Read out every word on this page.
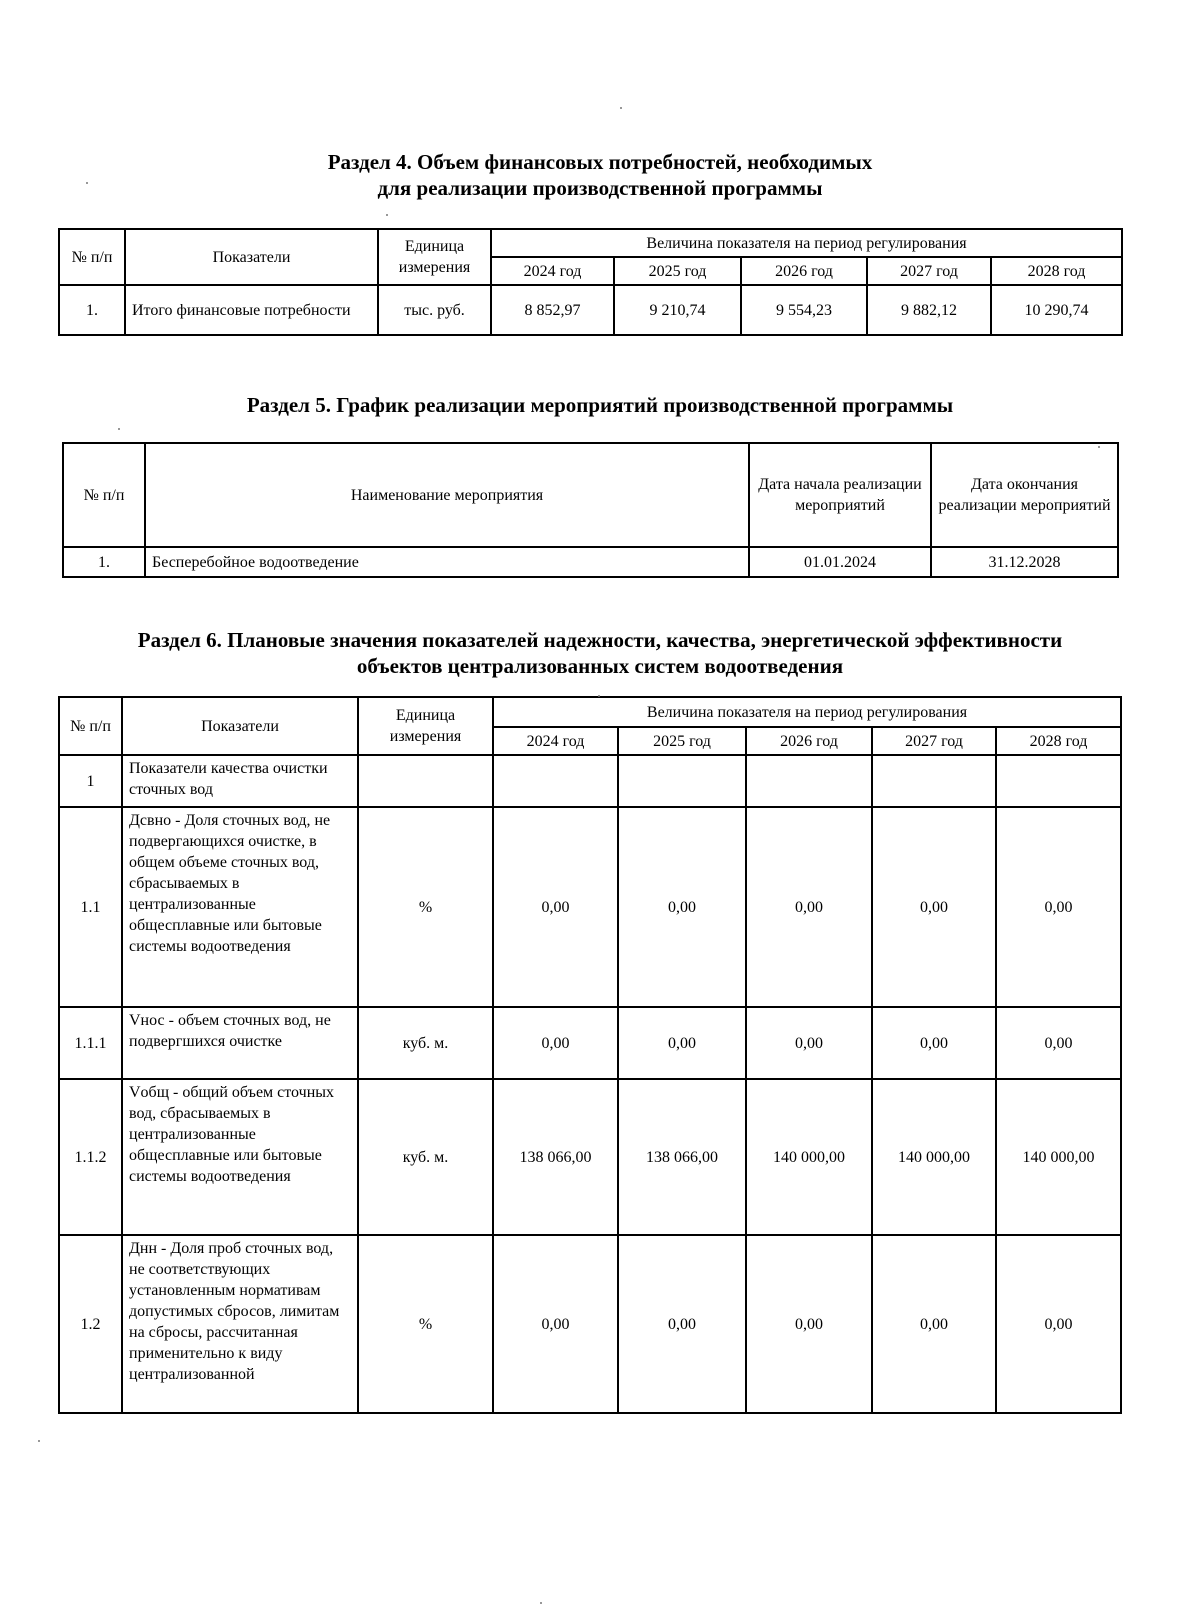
Раздел 4. Объем финансовых потребностей, необходимых
для реализации производственной программы
№ п/п	Показатели	Единица измерения	Величина показателя на период регулирования				
			2024 год	2025 год	2026 год	2027 год	2028 год
1.	Итого финансовые потребности	тыс. руб.	8 852,97	9 210,74	9 554,23	9 882,12	10 290,74
Раздел 5. График реализации мероприятий производственной программы
№ п/п	Наименование мероприятия	Дата начала реализации мероприятий	Дата окончания реализации мероприятий
1.	Бесперебойное водоотведение	01.01.2024	31.12.2028
Раздел 6. Плановые значения показателей надежности, качества, энергетической эффективности
объектов централизованных систем водоотведения
№ п/п	Показатели	Единица измерения	Величина показателя на период регулирования				
			2024 год	2025 год	2026 год	2027 год	2028 год
1	Показатели качества очистки сточных вод						
1.1	Дсвно - Доля сточных вод, не подвергающихся очистке, в общем объеме сточных вод, сбрасываемых в централизованные общесплавные или бытовые системы водоотведения	%	0,00	0,00	0,00	0,00	0,00
1.1.1	Vнос - объем сточных вод, не подвергшихся очистке	куб. м.	0,00	0,00	0,00	0,00	0,00
1.1.2	Vобщ - общий объем сточных вод, сбрасываемых в централизованные общесплавные или бытовые системы водоотведения	куб. м.	138 066,00	138 066,00	140 000,00	140 000,00	140 000,00
1.2	Днн - Доля проб сточных вод, не соответствующих установленным нормативам допустимых сбросов, лимитам на сбросы, рассчитанная применительно к виду централизованной	%	0,00	0,00	0,00	0,00	0,00
